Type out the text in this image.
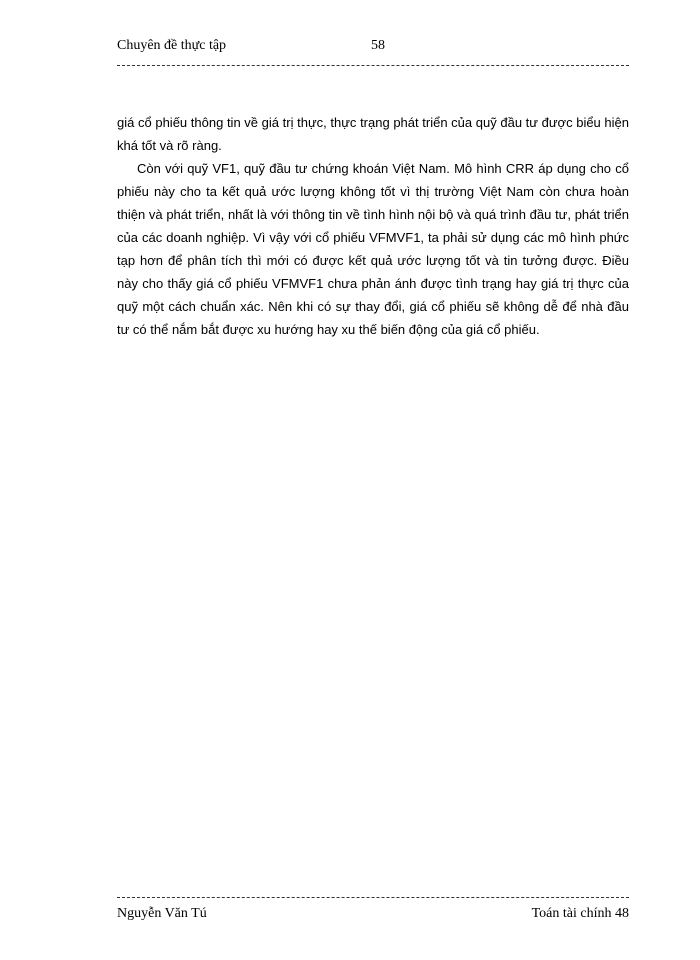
Chuyên đề thực tập	58

giá cổ phiếu thông tin về giá trị thực, thực trạng phát triển của quỹ đầu tư được biểu hiện khá tốt và rõ ràng.

Còn với quỹ VF1, quỹ đầu tư chứng khoán Việt Nam. Mô hình CRR áp dụng cho cổ phiếu này cho ta kết quả ước lượng không tốt vì thị trường Việt Nam còn chưa hoàn thiện và phát triển, nhất là với thông tin về tình hình nội bộ và quá trình đầu tư, phát triển của các doanh nghiệp. Vì vậy với cổ phiếu VFMVF1, ta phải sử dụng các mô hình phức tạp hơn để phân tích thì mới có được kết quả ước lượng tốt và tin tưởng được. Điều này cho thấy giá cổ phiếu VFMVF1 chưa phản ánh được tình trạng hay giá trị thực của quỹ một cách chuẩn xác. Nên khi có sự thay đổi, giá cổ phiếu sẽ không dễ để nhà đầu tư có thể nắm bắt được xu hướng hay xu thế biến động của giá cổ phiếu.

Nguyễn Văn Tú	Toán tài chính 48
